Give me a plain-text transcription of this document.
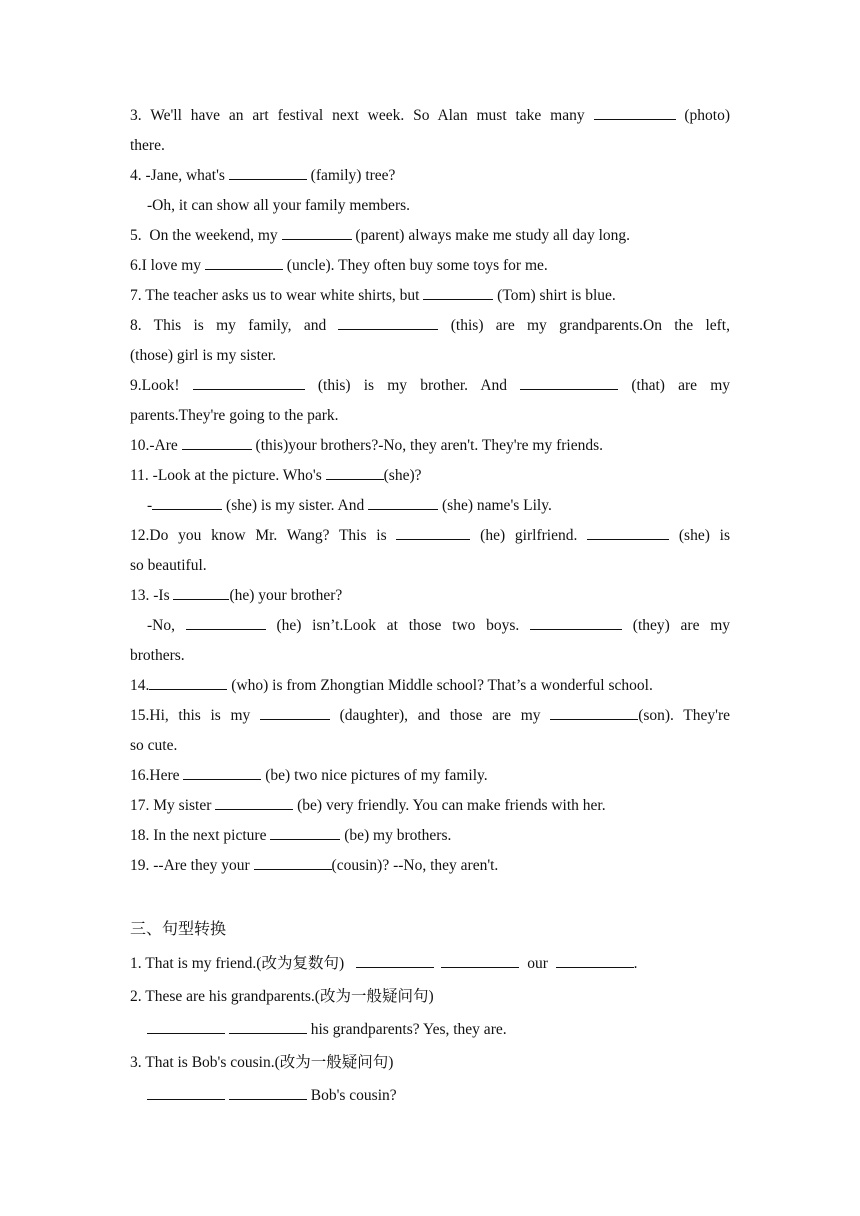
3. We'll have an art festival next week. So Alan must take many	(photo)
there.
4. -Jane, what's	(family) tree?
-Oh, it can show all your family members.
5.  On the weekend, my	(parent) always make me study all day long.
6.I love my	(uncle). They often buy some toys for me.
7. The teacher asks us to wear white shirts, but	(Tom) shirt is blue.
8. This is my family, and	(this) are my grandparents.On the left,
(those) girl is my sister.
9.Look!	(this) is my brother. And	(that) are my
parents.They're going to the park.
10.-Are	(this)your brothers?-No, they aren't. They're my friends.
11. -Look at the picture. Who's	(she)?
-	(she) is my sister. And	(she) name's Lily.
12.Do you know Mr. Wang? This is	(he) girlfriend.	(she) is
so beautiful.
13. -Is	(he) your brother?
-No,	(he) isn’t.Look at those two boys.	(they) are my
brothers.
14.	(who) is from Zhongtian Middle school? That’s a wonderful school.
15.Hi, this is my	(daughter), and those are my	(son). They're
so cute.
16.Here	(be) two nice pictures of my family.
17. My sister	(be) very friendly. You can make friends with her.
18. In the next picture	(be) my brothers.
19. --Are they your	(cousin)? --No, they aren't.
三、句型转换
1. That is my friend.(改为复数句)	our	.
2. These are his grandparents.(改为一般疑问句)
his grandparents? Yes, they are.
3. That is Bob's cousin.(改为一般疑问句)
Bob's cousin?
